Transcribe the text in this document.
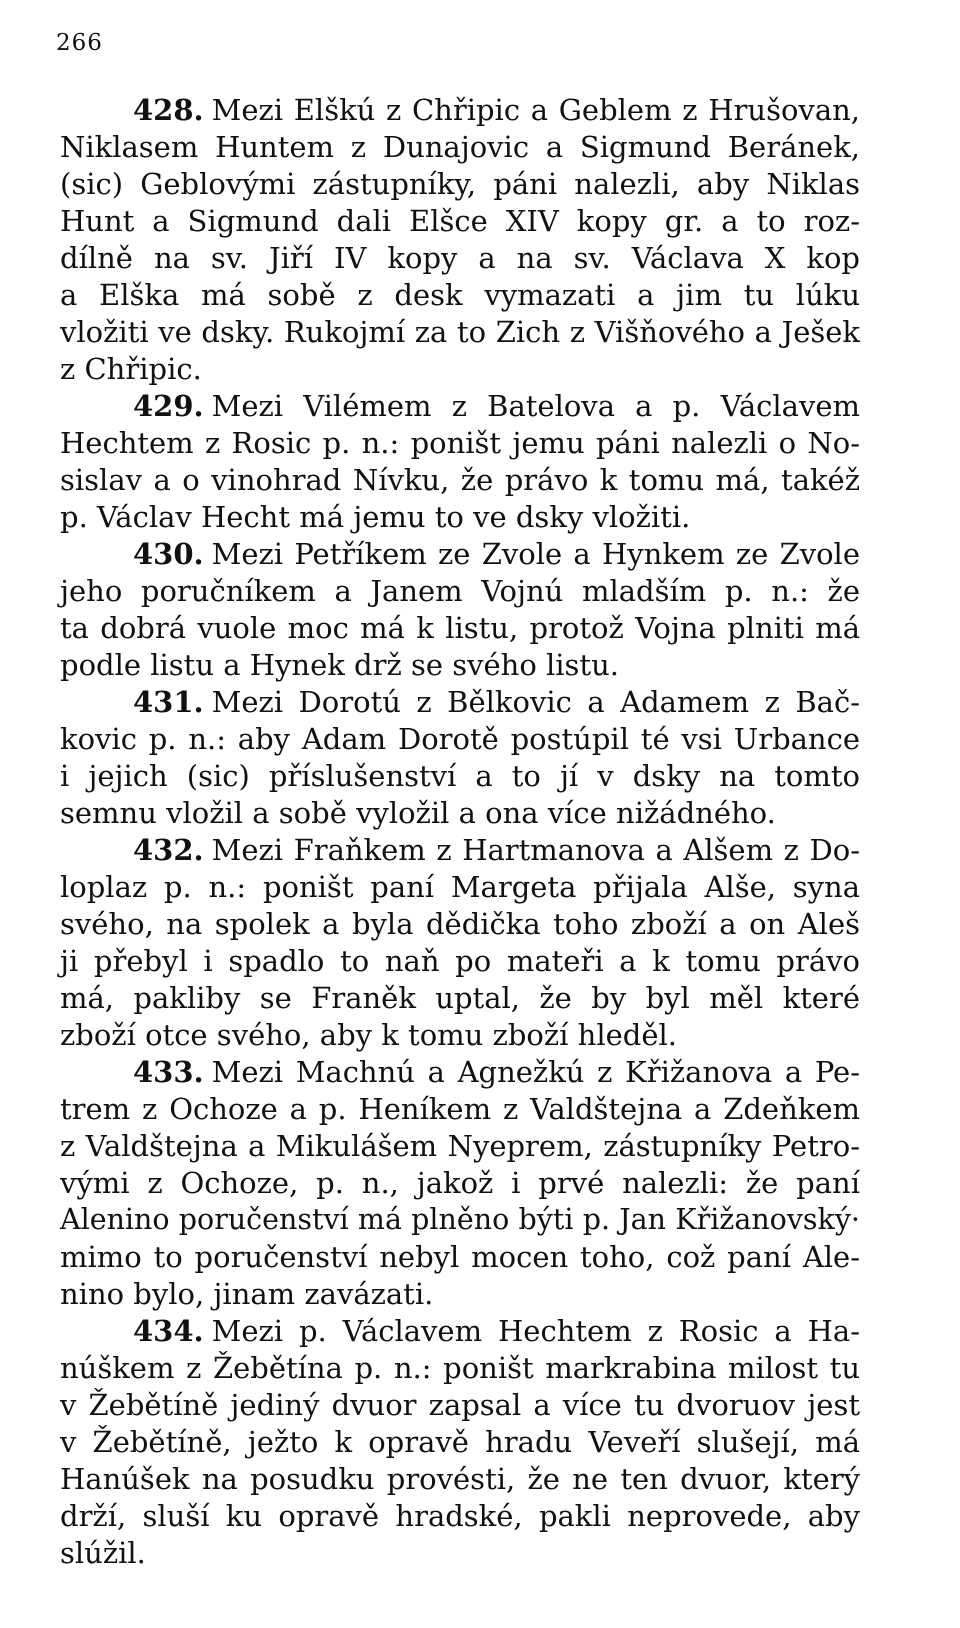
266
428. Mezi Elškú z Chřipic a Geblem z Hrušovan,
Niklasem Huntem z Dunajovic a Sigmund Beránek,
(sic) Geblovými zástupníky, páni nalezli, aby Niklas
Hunt a Sigmund dali Elšce XIV kopy gr. a to roz-
dílně na sv. Jiří IV kopy a na sv. Václava X kop
a Elška má sobě z desk vymazati a jim tu lúku
vložiti ve dsky. Rukojmí za to Zich z Višňového a Ješek
z Chřipic.
429. Mezi Vilémem z Batelova a p. Václavem
Hechtem z Rosic p. n.: poništ jemu páni nalezli o No-
sislav a o vinohrad Nívku, že právo k tomu má, takéž
p. Václav Hecht má jemu to ve dsky vložiti.
430. Mezi Petříkem ze Zvole a Hynkem ze Zvole
jeho poručníkem a Janem Vojnú mladším p. n.: že
ta dobrá vuole moc má k listu, protož Vojna plniti má
podle listu a Hynek drž se svého listu.
431. Mezi Dorotú z Bělkovic a Adamem z Bač-
kovic p. n.: aby Adam Dorotě postúpil té vsi Urbance
i jejich (sic) příslušenství a to jí v dsky na tomto
semnu vložil a sobě vyložil a ona více nižádného.
432. Mezi Fraňkem z Hartmanova a Alšem z Do-
loplaz p. n.: poništ paní Margeta přijala Alše, syna
svého, na spolek a byla dědička toho zboží a on Aleš
ji přebyl i spadlo to naň po mateři a k tomu právo
má, pakliby se Franěk uptal, že by byl měl které
zboží otce svého, aby k tomu zboží hleděl.
433. Mezi Machnú a Agnežkú z Křižanova a Pe-
trem z Ochoze a p. Heníkem z Valdštejna a Zdeňkem
z Valdštejna a Mikulášem Nyeprem, zástupníky Petro-
vými z Ochoze, p. n., jakož i prvé nalezli: že paní
Alenino poručenství má plněno býti p. Jan Křižanovský·
mimo to poručenství nebyl mocen toho, což paní Ale-
nino bylo, jinam zavázati.
434. Mezi p. Václavem Hechtem z Rosic a Ha-
núškem z Žebětína p. n.: poništ markrabina milost tu
v Žebětíně jediný dvuor zapsal a více tu dvoruov jest
v Žebětíně, ježto k opravě hradu Veveří slušejí, má
Hanúšek na posudku provésti, že ne ten dvuor, který
drží, sluší ku opravě hradské, pakli neprovede, aby
slúžil.
